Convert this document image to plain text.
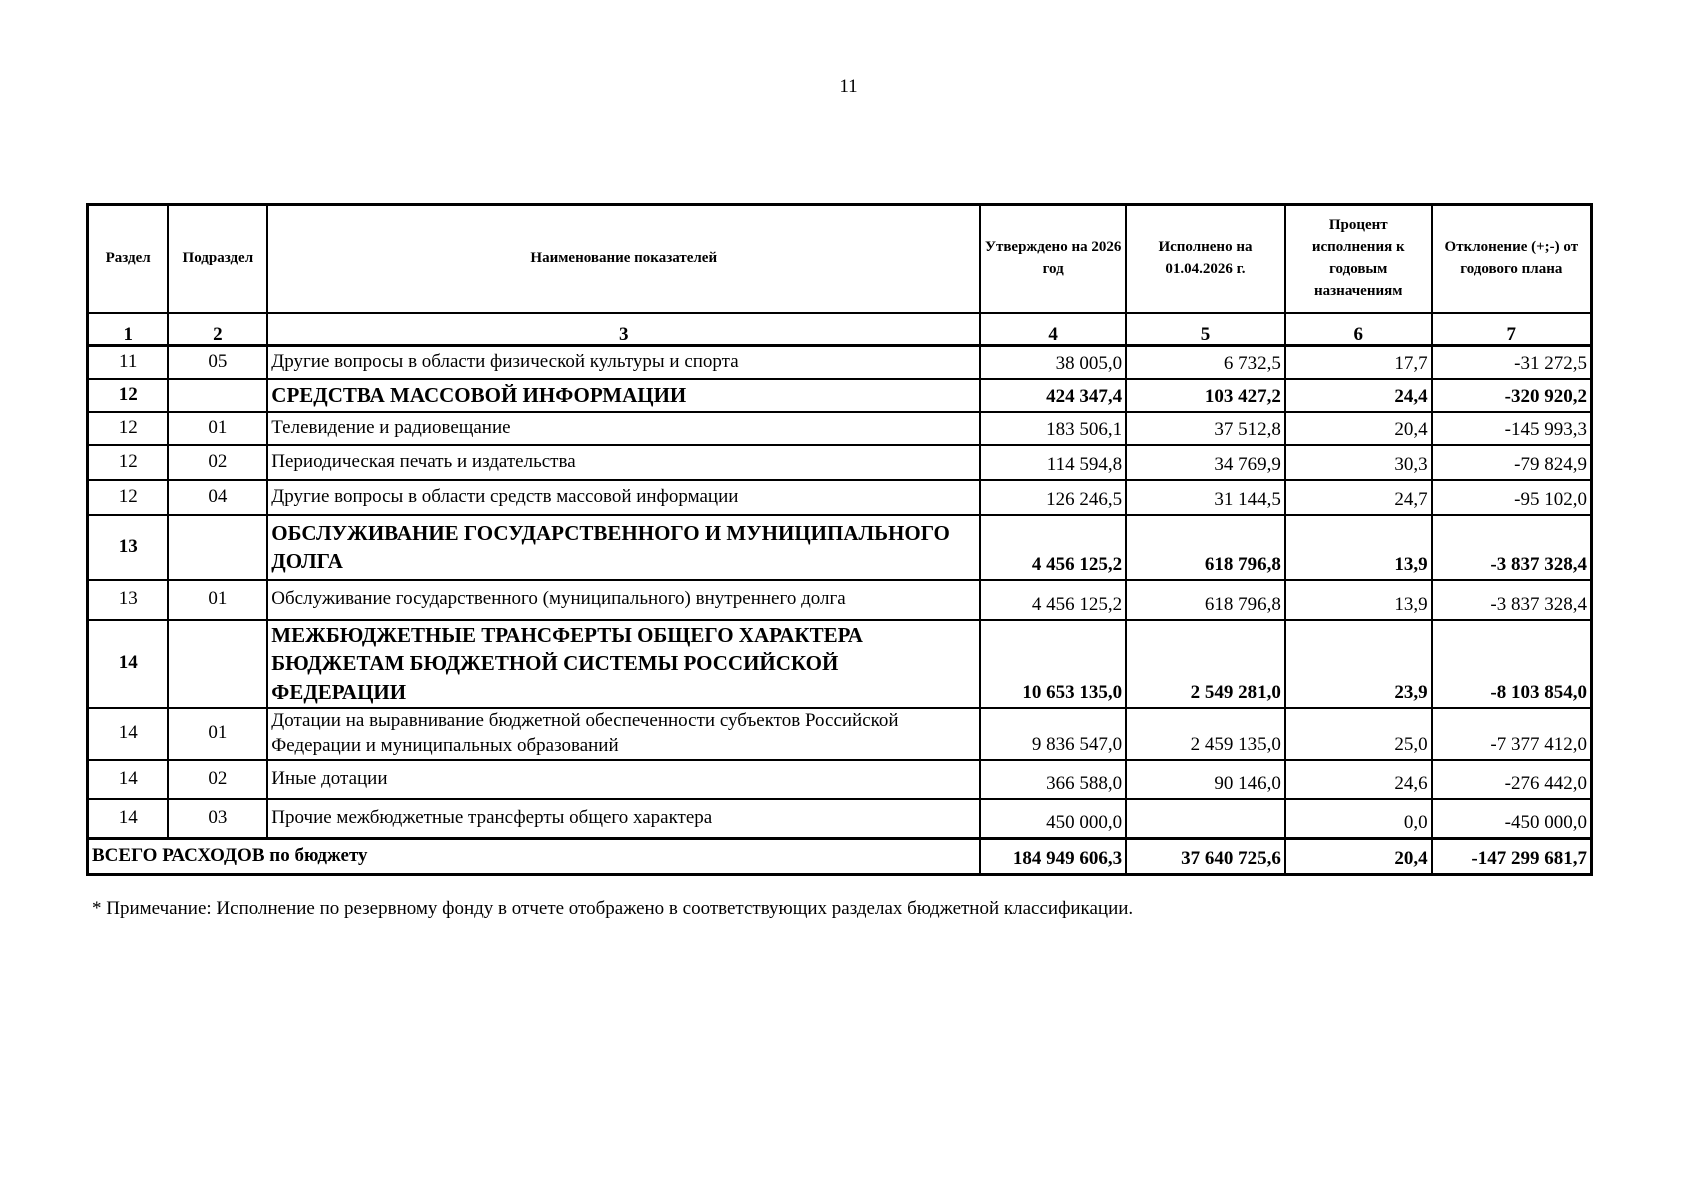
11
Раздел	Подраздел	Наименование показателей	Утверждено на 2026 год	Исполнено на 01.04.2026 г.	Процент исполнения к годовым назначениям	Отклонение (+;-) от годового плана
1	2	3	4	5	6	7
11	05	Другие вопросы в области физической культуры и спорта	38 005,0	6 732,5	17,7	-31 272,5
12		СРЕДСТВА МАССОВОЙ ИНФОРМАЦИИ	424 347,4	103 427,2	24,4	-320 920,2
12	01	Телевидение и радиовещание	183 506,1	37 512,8	20,4	-145 993,3
12	02	Периодическая печать и издательства	114 594,8	34 769,9	30,3	-79 824,9
12	04	Другие вопросы в области средств массовой информации	126 246,5	31 144,5	24,7	-95 102,0
13		ОБСЛУЖИВАНИЕ ГОСУДАРСТВЕННОГО И МУНИЦИПАЛЬНОГО ДОЛГА	4 456 125,2	618 796,8	13,9	-3 837 328,4
13	01	Обслуживание государственного (муниципального) внутреннего долга	4 456 125,2	618 796,8	13,9	-3 837 328,4
14		МЕЖБЮДЖЕТНЫЕ ТРАНСФЕРТЫ ОБЩЕГО ХАРАКТЕРА БЮДЖЕТАМ БЮДЖЕТНОЙ СИСТЕМЫ РОССИЙСКОЙ ФЕДЕРАЦИИ	10 653 135,0	2 549 281,0	23,9	-8 103 854,0
14	01	Дотации на выравнивание бюджетной обеспеченности субъектов Российской Федерации и муниципальных образований	9 836 547,0	2 459 135,0	25,0	-7 377 412,0
14	02	Иные дотации	366 588,0	90 146,0	24,6	-276 442,0
14	03	Прочие межбюджетные трансферты общего характера	450 000,0		0,0	-450 000,0
ВСЕГО РАСХОДОВ по бюджету			184 949 606,3	37 640 725,6	20,4	-147 299 681,7
* Примечание: Исполнение по резервному фонду в отчете отображено в соответствующих разделах бюджетной классификации.
